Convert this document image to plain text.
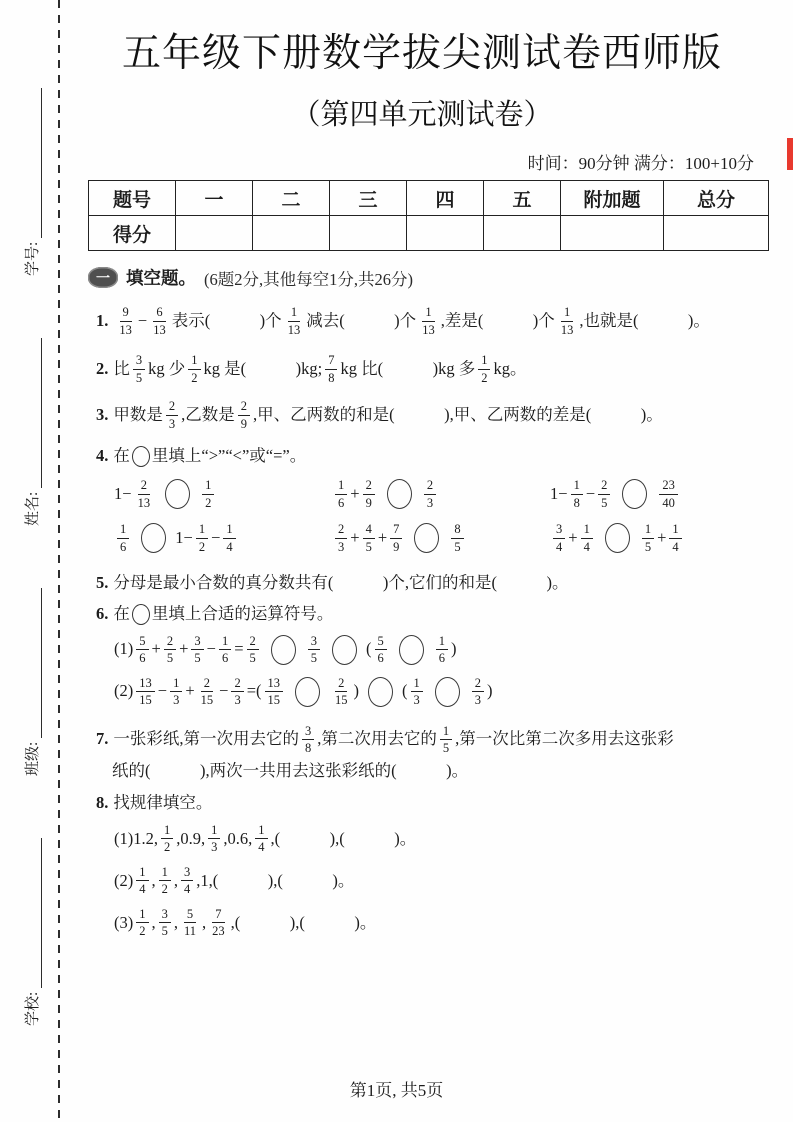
学号:
姓名:
班级:
学校:
五年级下册数学拔尖测试卷西师版
（第四单元测试卷）
时间：90分钟 满分：100+10分
题号	一	二	三	四	五	附加题	总分
得分							
一 填空题。 (6题2分,其他每空1分,共26分)
1. $\frac{9}{13} - \frac{6}{13}$ 表示(　　　)个 $\frac{1}{13}$ 减去(　　　)个 $\frac{1}{13}$ ,差是(　　　)个 $\frac{1}{13}$ ,也就是(　　　)。
2. 比 $\frac{3}{5}$ kg 少 $\frac{1}{2}$ kg 是(　　　)kg; $\frac{7}{8}$ kg 比(　　　)kg 多 $\frac{1}{2}$ kg。
3. 甲数是 $\frac{2}{3}$ ,乙数是 $\frac{2}{9}$ ,甲、乙两数的和是(　　　),甲、乙两数的差是(　　　)。
4. 在 里填上“>”“<”或“=”。
$1- \frac{2}{13}$	$\frac{1}{2}$	$\frac{1}{6} + \frac{2}{9}$	$\frac{2}{3}$	$1- \frac{1}{8} - \frac{2}{5}$	$\frac{23}{40}$
$\frac{1}{6}$	$1- \frac{1}{2} - \frac{1}{4}$	$\frac{2}{3} + \frac{4}{5} + \frac{7}{9}$	$\frac{8}{5}$	$\frac{3}{4} + \frac{1}{4}$	$\frac{1}{5} + \frac{1}{4}$
5. 分母是最小合数的真分数共有(　　　)个,它们的和是(　　　)。
6. 在 里填上合适的运算符号。
$(1) \frac{5}{6} + \frac{2}{5} + \frac{3}{5} - \frac{1}{6} = \frac{2}{5}$	$\frac{3}{5}$	( $\frac{5}{6}$	$\frac{1}{6}$ )
$(2) \frac{13}{15} - \frac{1}{3} + \frac{2}{15} - \frac{2}{3}$ =( $\frac{13}{15}$	$\frac{2}{15}$ )	( $\frac{1}{3}$	$\frac{2}{3}$ )
7. 一张彩纸,第一次用去它的 $\frac{3}{8}$ ,第二次用去它的 $\frac{1}{5}$ ,第一次比第二次多用去这张彩
纸的(　　　),两次一共用去这张彩纸的(　　　)。
8. 找规律填空。
(1)1.2, $\frac{1}{2} ,0.9$, $\frac{1}{3} ,0.6$, $\frac{1}{4}$ ,(　　　),(　　　)。
$(2) \frac{1}{4}$ , $\frac{1}{2}$ , $\frac{3}{4} ,1$,(　　　),(　　　)。
$(3) \frac{1}{2}$ , $\frac{3}{5}$ , $\frac{5}{11}$ , $\frac{7}{23}$ ,(　　　),(　　　)。
第1页, 共5页
